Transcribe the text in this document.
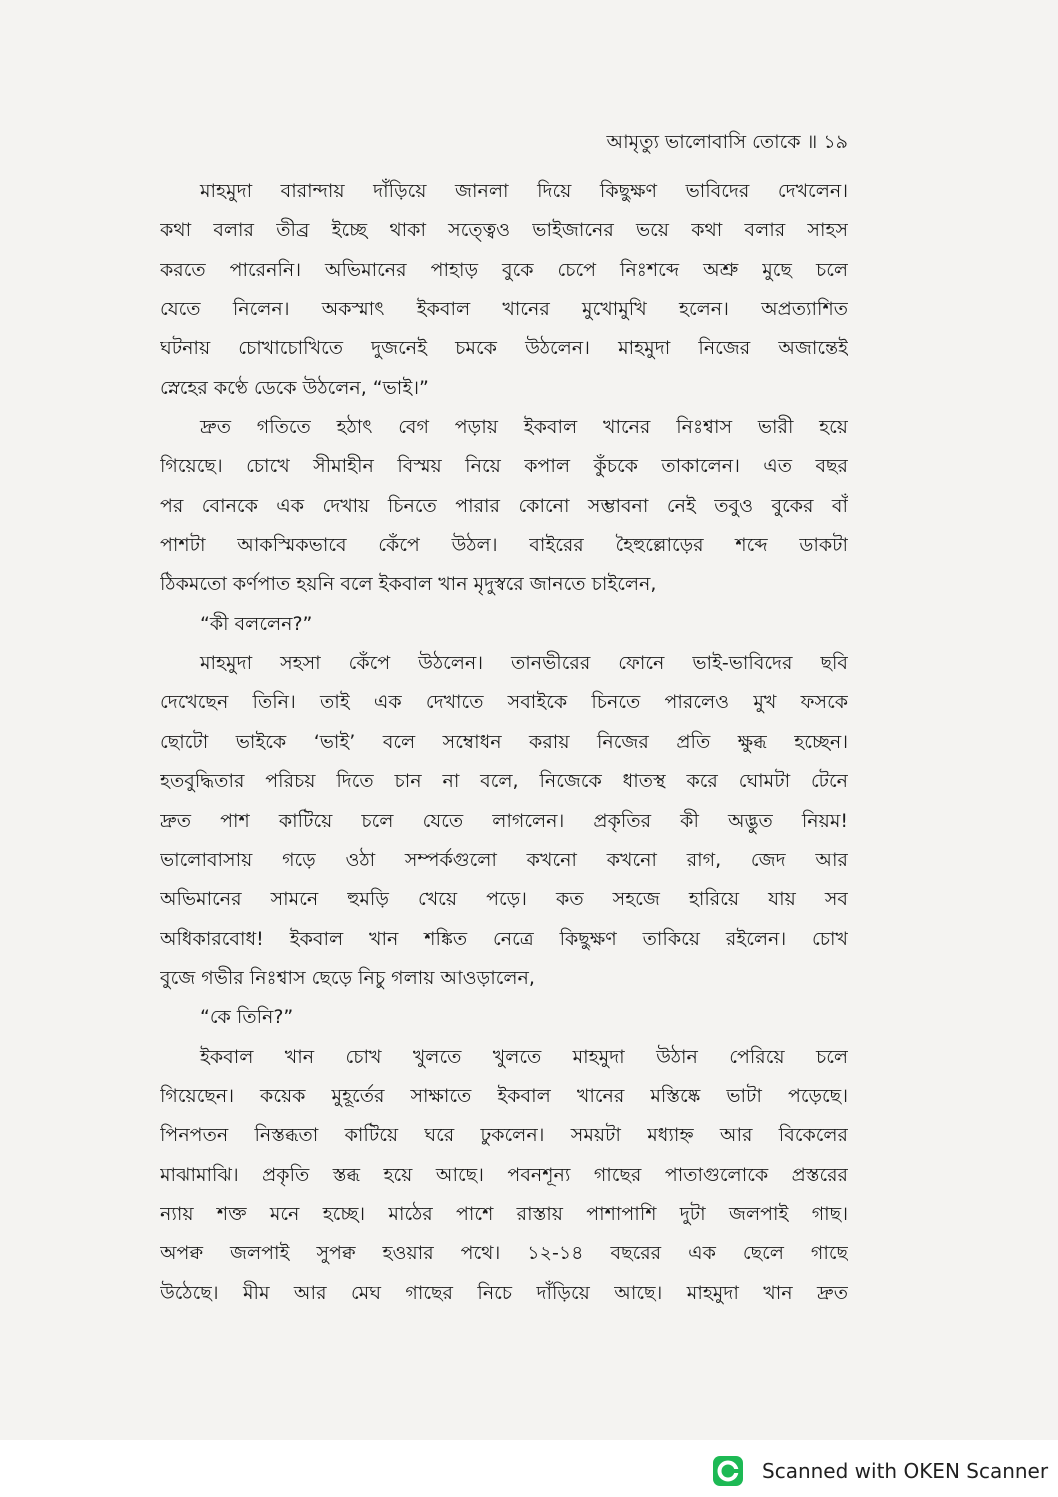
আমৃত্যু ভালোবাসি তোকে ॥ ১৯
মাহমুদা বারান্দায় দাঁড়িয়ে জানলা দিয়ে কিছুক্ষণ ভাবিদের দেখলেন।
কথা বলার তীব্র ইচ্ছে থাকা সত্ত্বেও ভাইজানের ভয়ে কথা বলার সাহস
করতে পারেননি। অভিমানের পাহাড় বুকে চেপে নিঃশব্দে অশ্রু মুছে চলে
যেতে নিলেন। অকস্মাৎ ইকবাল খানের মুখোমুখি হলেন। অপ্রত্যাশিত
ঘটনায় চোখাচোখিতে দুজনেই চমকে উঠলেন। মাহমুদা নিজের অজান্তেই
স্নেহের কণ্ঠে ডেকে উঠলেন, “ভাই।”
দ্রুত গতিতে হঠাৎ বেগ পড়ায় ইকবাল খানের নিঃশ্বাস ভারী হয়ে
গিয়েছে। চোখে সীমাহীন বিস্ময় নিয়ে কপাল কুঁচকে তাকালেন। এত বছর
পর বোনকে এক দেখায় চিনতে পারার কোনো সম্ভাবনা নেই তবুও বুকের বাঁ
পাশটা আকস্মিকভাবে কেঁপে উঠল। বাইরের হৈহুল্লোড়ের শব্দে ডাকটা
ঠিকমতো কর্ণপাত হয়নি বলে ইকবাল খান মৃদুস্বরে জানতে চাইলেন,
“কী বললেন?”
মাহমুদা সহসা কেঁপে উঠলেন। তানভীরের ফোনে ভাই-ভাবিদের ছবি
দেখেছেন তিনি। তাই এক দেখাতে সবাইকে চিনতে পারলেও মুখ ফসকে
ছোটো ভাইকে ‘ভাই’ বলে সম্বোধন করায় নিজের প্রতি ক্ষুব্ধ হচ্ছেন।
হতবুদ্ধিতার পরিচয় দিতে চান না বলে, নিজেকে ধাতস্থ করে ঘোমটা টেনে
দ্রুত পাশ কাটিয়ে চলে যেতে লাগলেন। প্রকৃতির কী অদ্ভুত নিয়ম!
ভালোবাসায় গড়ে ওঠা সম্পর্কগুলো কখনো কখনো রাগ, জেদ আর
অভিমানের সামনে হুমড়ি খেয়ে পড়ে। কত সহজে হারিয়ে যায় সব
অধিকারবোধ! ইকবাল খান শঙ্কিত নেত্রে কিছুক্ষণ তাকিয়ে রইলেন। চোখ
বুজে গভীর নিঃশ্বাস ছেড়ে নিচু গলায় আওড়ালেন,
“কে তিনি?”
ইকবাল খান চোখ খুলতে খুলতে মাহমুদা উঠান পেরিয়ে চলে
গিয়েছেন। কয়েক মুহূর্তের সাক্ষাতে ইকবাল খানের মস্তিষ্কে ভাটা পড়েছে।
পিনপতন নিস্তব্ধতা কাটিয়ে ঘরে ঢুকলেন। সময়টা মধ্যাহ্ন আর বিকেলের
মাঝামাঝি। প্রকৃতি স্তব্ধ হয়ে আছে। পবনশূন্য গাছের পাতাগুলোকে প্রস্তরের
ন্যায় শক্ত মনে হচ্ছে। মাঠের পাশে রাস্তায় পাশাপাশি দুটা জলপাই গাছ।
অপক্ব জলপাই সুপক্ব হওয়ার পথে। ১২-১৪ বছরের এক ছেলে গাছে
উঠেছে। মীম আর মেঘ গাছের নিচে দাঁড়িয়ে আছে। মাহমুদা খান দ্রুত
Scanned with OKEN Scanner
